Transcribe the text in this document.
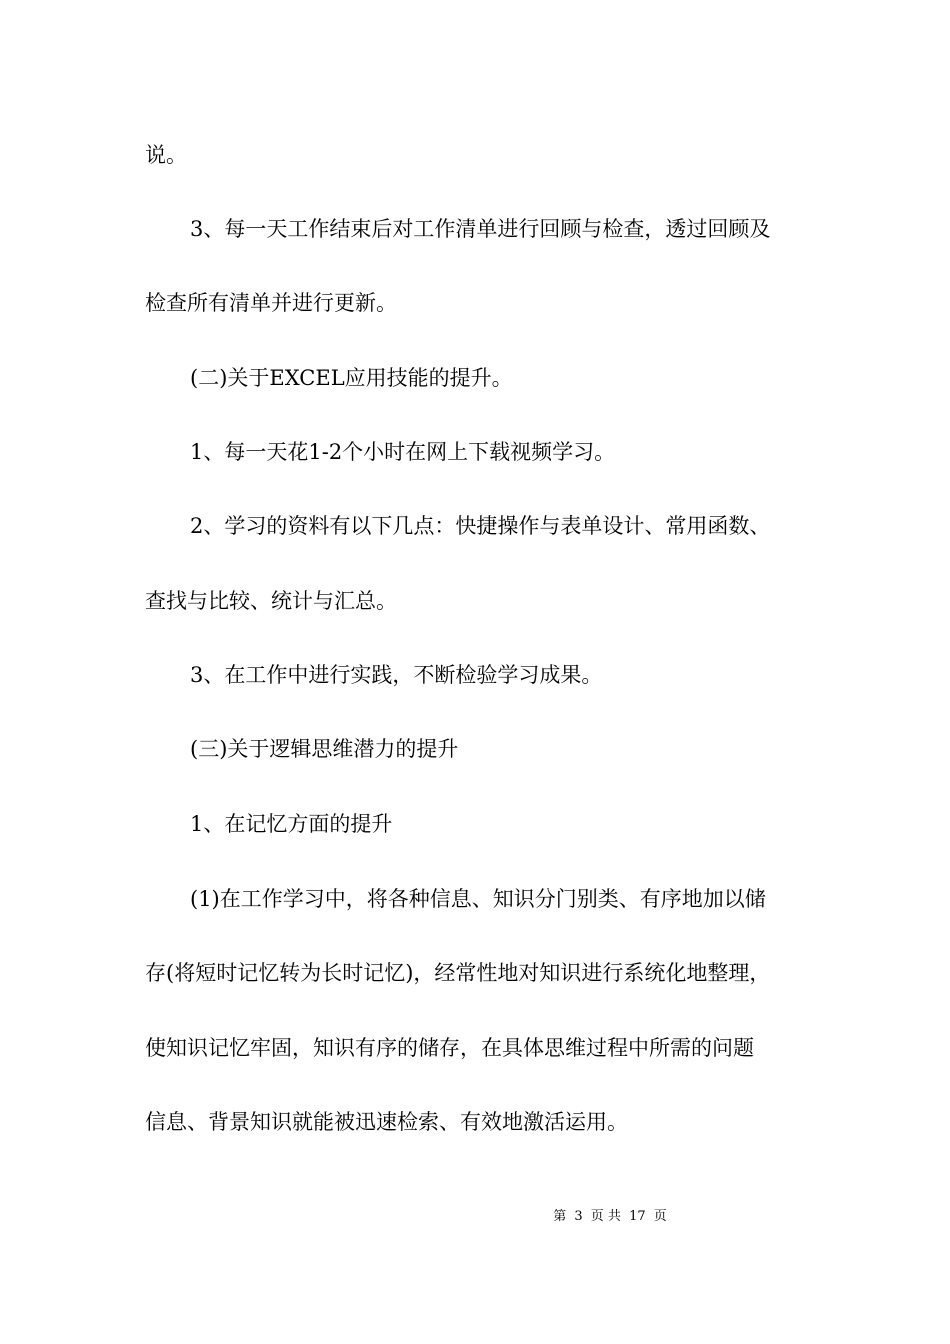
说。
3、每一天工作结束后对工作清单进行回顾与检查，透过回顾及
检查所有清单并进行更新。
(二)关于EXCEL应用技能的提升。
1、每一天花1-2个小时在网上下载视频学习。
2、学习的资料有以下几点：快捷操作与表单设计、常用函数、
查找与比较、统计与汇总。
3、在工作中进行实践，不断检验学习成果。
(三)关于逻辑思维潜力的提升
1、在记忆方面的提升
(1)在工作学习中，将各种信息、知识分门别类、有序地加以储
存(将短时记忆转为长时记忆)，经常性地对知识进行系统化地整理，
使知识记忆牢固，知识有序的储存，在具体思维过程中所需的问题
信息、背景知识就能被迅速检索、有效地激活运用。
第 3 页 共 17 页
